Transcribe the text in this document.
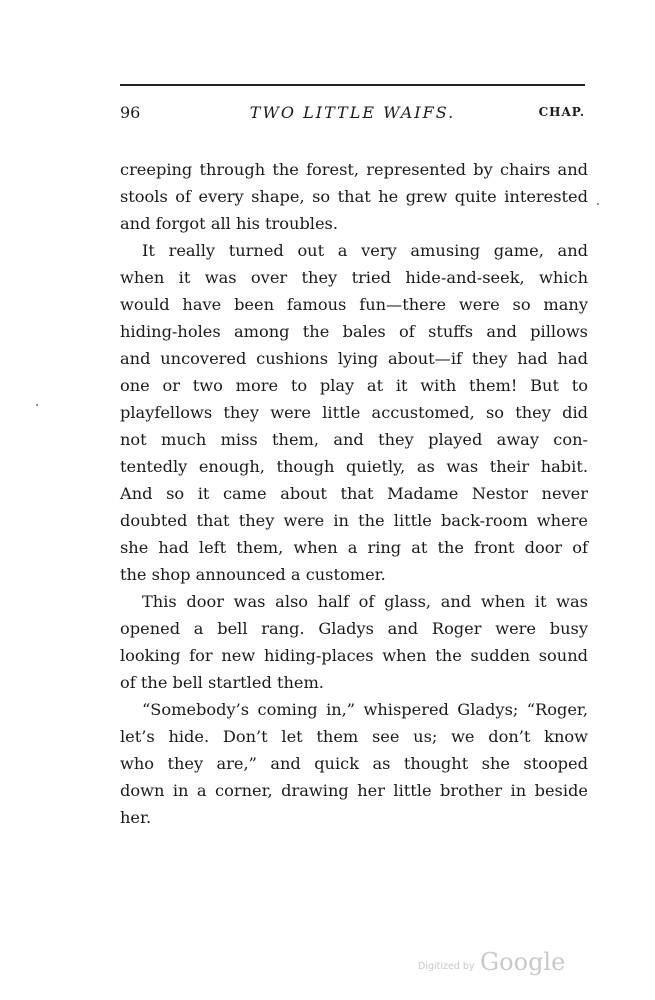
96	TWO LITTLE WAIFS.	CHAP.
creeping through the forest, represented by chairs and
stools of every shape, so that he grew quite interested
and forgot all his troubles.
It really turned out a very amusing game, and
when it was over they tried hide-and-seek, which
would have been famous fun—there were so many
hiding-holes among the bales of stuffs and pillows
and uncovered cushions lying about—if they had had
one or two more to play at it with them! But to
playfellows they were little accustomed, so they did
not much miss them, and they played away con-
tentedly enough, though quietly, as was their habit.
And so it came about that Madame Nestor never
doubted that they were in the little back-room where
she had left them, when a ring at the front door of
the shop announced a customer.
This door was also half of glass, and when it was
opened a bell rang. Gladys and Roger were busy
looking for new hiding-places when the sudden sound
of the bell startled them.
“Somebody’s coming in,” whispered Gladys; “Roger,
let’s hide. Don’t let them see us; we don’t know
who they are,” and quick as thought she stooped
down in a corner, drawing her little brother in beside
her.
Digitized by Google
